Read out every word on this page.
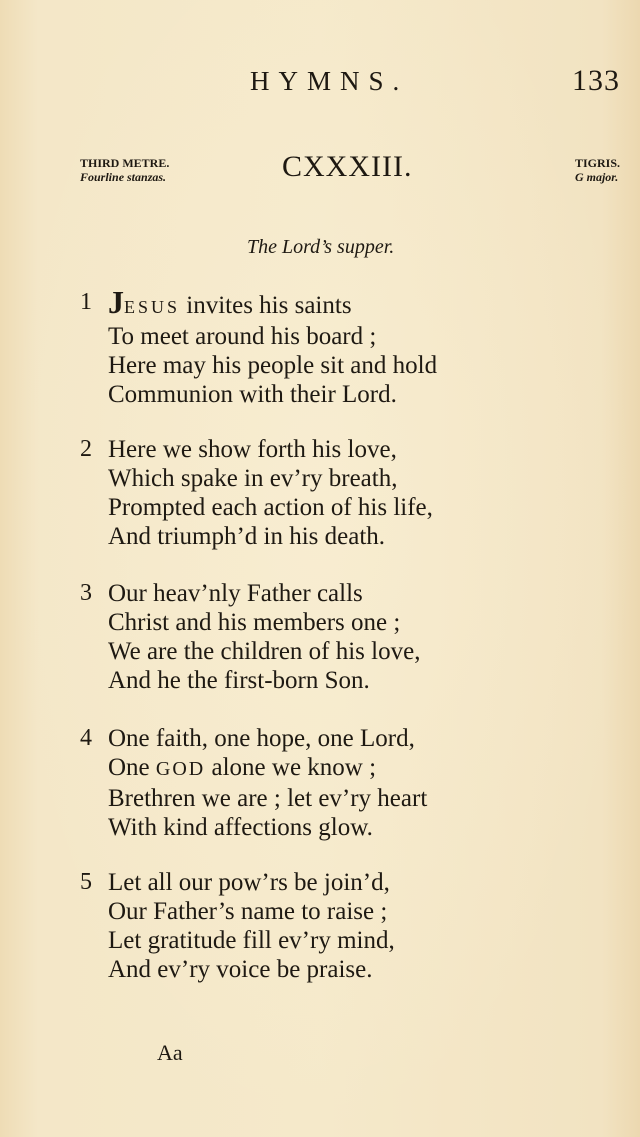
HYMNS.	133
THIRD METRE.
Fourline stanzas.	CXXXIII.	TIGRIS.
G major.
The Lord’s supper.
1 JESUS invites his saints
To meet around his board ;
Here may his people sit and hold
Communion with their Lord.
2 Here we show forth his love,
Which spake in ev’ry breath,
Prompted each action of his life,
And triumph’d in his death.
3 Our heav’nly Father calls
Christ and his members one ;
We are the children of his love,
And he the first-born Son.
4 One faith, one hope, one Lord,
One GOD alone we know ;
Brethren we are ; let ev’ry heart
With kind affections glow.
5 Let all our pow’rs be join’d,
Our Father’s name to raise ;
Let gratitude fill ev’ry mind,
And ev’ry voice be praise.
Aa
